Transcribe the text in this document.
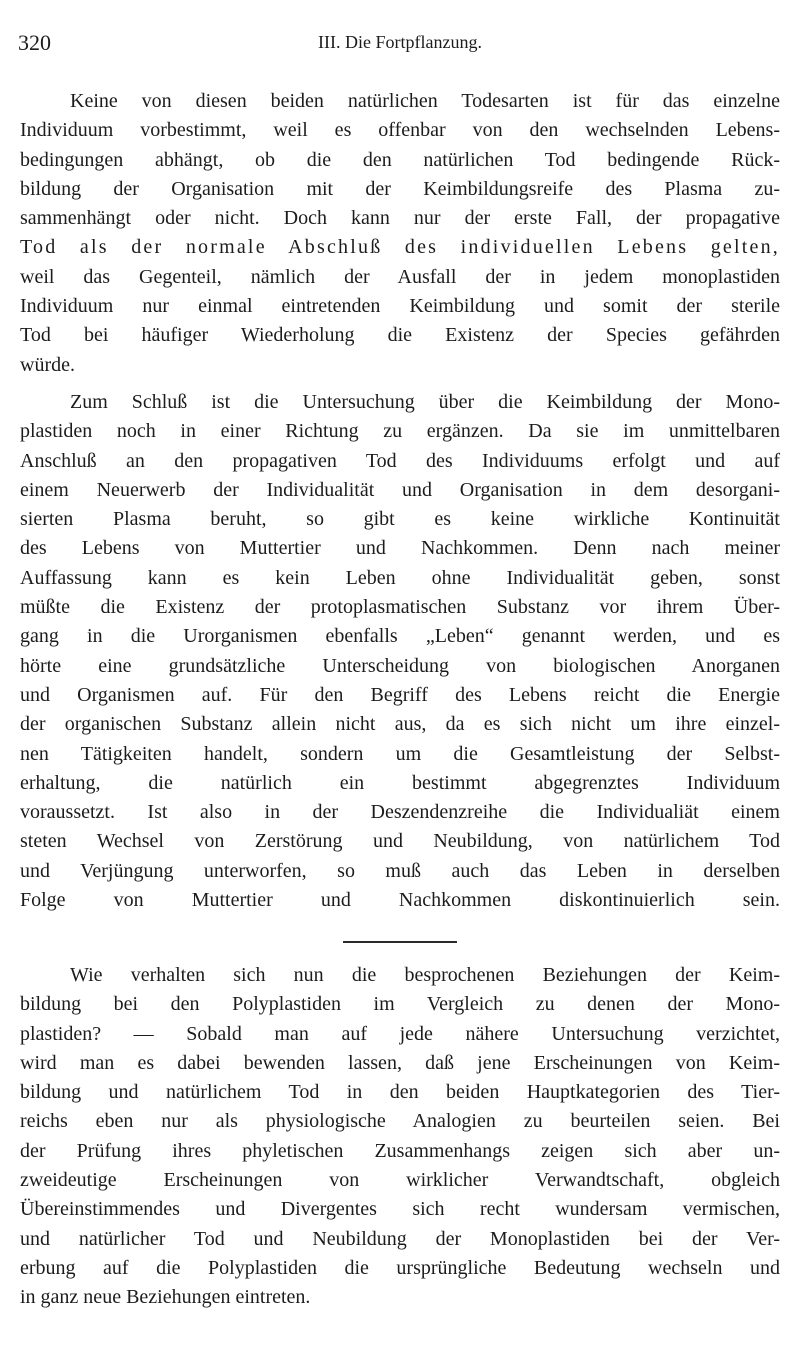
320	III. Die Fortpflanzung.
Keine von diesen beiden natürlichen Todesarten ist für das einzelne
Individuum vorbestimmt, weil es offenbar von den wechselnden Lebens-
bedingungen abhängt, ob die den natürlichen Tod bedingende Rück-
bildung der Organisation mit der Keimbildungsreife des Plasma zu-
sammenhängt oder nicht. Doch kann nur der erste Fall, der propagative
Tod als der normale Abschluß des individuellen Lebens gelten,
weil das Gegenteil, nämlich der Ausfall der in jedem monoplastiden
Individuum nur einmal eintretenden Keimbildung und somit der sterile
Tod bei häufiger Wiederholung die Existenz der Species gefährden
würde.
Zum Schluß ist die Untersuchung über die Keimbildung der Mono-
plastiden noch in einer Richtung zu ergänzen. Da sie im unmittelbaren
Anschluß an den propagativen Tod des Individuums erfolgt und auf
einem Neuerwerb der Individualität und Organisation in dem desorgani-
sierten Plasma beruht, so gibt es keine wirkliche Kontinuität
des Lebens von Muttertier und Nachkommen. Denn nach meiner
Auffassung kann es kein Leben ohne Individualität geben, sonst
müßte die Existenz der protoplasmatischen Substanz vor ihrem Über-
gang in die Urorganismen ebenfalls „Leben“ genannt werden, und es
hörte eine grundsätzliche Unterscheidung von biologischen Anorganen
und Organismen auf. Für den Begriff des Lebens reicht die Energie
der organischen Substanz allein nicht aus, da es sich nicht um ihre einzel-
nen Tätigkeiten handelt, sondern um die Gesamtleistung der Selbst-
erhaltung, die natürlich ein bestimmt abgegrenztes Individuum
voraussetzt. Ist also in der Deszendenzreihe die Individualiät einem
steten Wechsel von Zerstörung und Neubildung, von natürlichem Tod
und Verjüngung unterworfen, so muß auch das Leben in derselben
Folge von Muttertier und Nachkommen diskontinuierlich sein.
Wie verhalten sich nun die besprochenen Beziehungen der Keim-
bildung bei den Polyplastiden im Vergleich zu denen der Mono-
plastiden? — Sobald man auf jede nähere Untersuchung verzichtet,
wird man es dabei bewenden lassen, daß jene Erscheinungen von Keim-
bildung und natürlichem Tod in den beiden Hauptkategorien des Tier-
reichs eben nur als physiologische Analogien zu beurteilen seien. Bei
der Prüfung ihres phyletischen Zusammenhangs zeigen sich aber un-
zweideutige Erscheinungen von wirklicher Verwandtschaft, obgleich
Übereinstimmendes und Divergentes sich recht wundersam vermischen,
und natürlicher Tod und Neubildung der Monoplastiden bei der Ver-
erbung auf die Polyplastiden die ursprüngliche Bedeutung wechseln und
in ganz neue Beziehungen eintreten.
